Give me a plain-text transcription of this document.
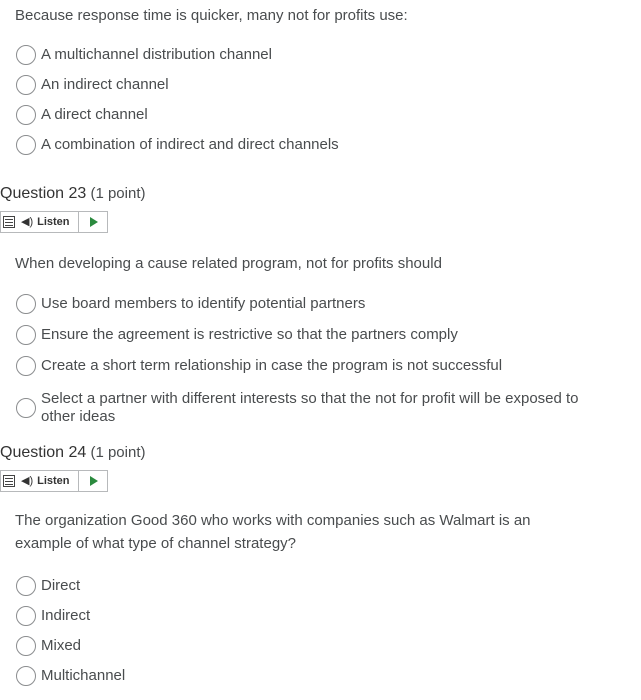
Because response time is quicker, many not for profits use:
A multichannel distribution channel
An indirect channel
A direct channel
A combination of indirect and direct channels
Question 23 (1 point)
◀) Listen
When developing a cause related program, not for profits should
Use board members to identify potential partners
Ensure the agreement is restrictive so that the partners comply
Create a short term relationship in case the program is not successful
Select a partner with different interests so that the not for profit will be exposed to other ideas
Question 24 (1 point)
◀) Listen
The organization Good 360 who works with companies such as Walmart is an example of what type of channel strategy?
Direct
Indirect
Mixed
Multichannel
